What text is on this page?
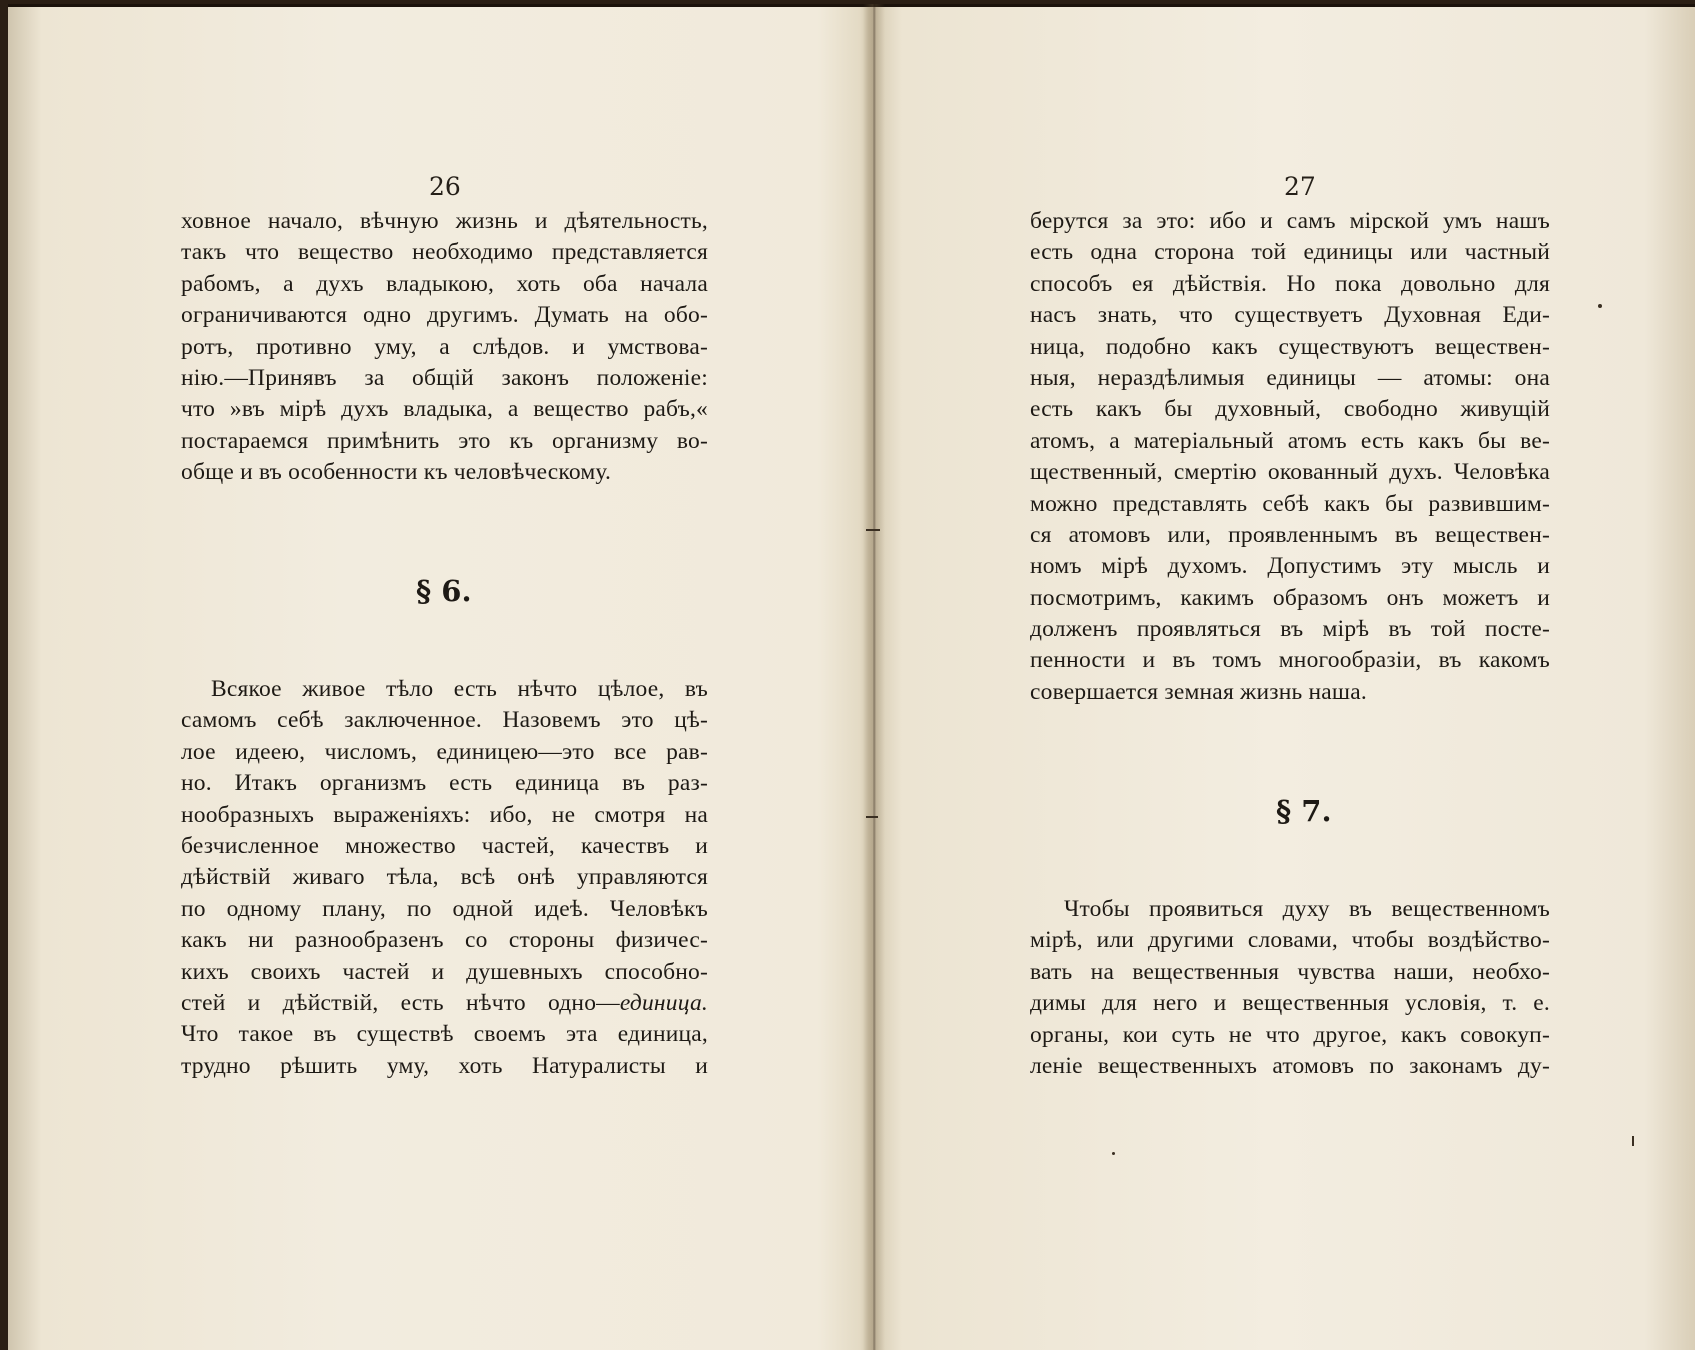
26
ховное начало, вѣчную жизнь и дѣятельность,
такъ что вещество необходимо представляется
рабомъ, а духъ владыкою, хоть оба начала
ограничиваются одно другимъ. Думать на обо-
ротъ, противно уму, а слѣдов. и умствова-
нію.—Принявъ за общій законъ положеніе:
что »въ мірѣ духъ владыка, а вещество рабъ,«
постараемся примѣнить это къ организму во-
обще и въ особенности къ человѣческому.
§ 6.
Всякое живое тѣло есть нѣчто цѣлое, въ
самомъ себѣ заключенное. Назовемъ это цѣ-
лое идеею, числомъ, единицею—это все рав-
но. Итакъ организмъ есть единица въ раз-
нообразныхъ выраженіяхъ: ибо, не смотря на
безчисленное множество частей, качествъ и
дѣйствій живаго тѣла, всѣ онѣ управляются
по одному плану, по одной идеѣ. Человѣкъ
какъ ни разнообразенъ со стороны физичес-
кихъ своихъ частей и душевныхъ способно-
стей и дѣйствій, есть нѣчто одно—единица.
Что такое въ существѣ своемъ эта единица,
трудно рѣшить уму, хоть Натуралисты и
27
берутся за это: ибо и самъ мірской умъ нашъ
есть одна сторона той единицы или частный
способъ ея дѣйствія. Но пока довольно для
насъ знать, что существуетъ Духовная Еди-
ница, подобно какъ существуютъ веществен-
ныя, нераздѣлимыя единицы — атомы: она
есть какъ бы духовный, свободно живущій
атомъ, а матеріальный атомъ есть какъ бы ве-
щественный, смертію окованный духъ. Человѣка
можно представлять себѣ какъ бы развившим-
ся атомовъ или, проявленнымъ въ веществен-
номъ мірѣ духомъ. Допустимъ эту мысль и
посмотримъ, какимъ образомъ онъ можетъ и
долженъ проявляться въ мірѣ въ той посте-
пенности и въ томъ многообразіи, въ какомъ
совершается земная жизнь наша.
§ 7.
Чтобы проявиться духу въ вещественномъ
мірѣ, или другими словами, чтобы воздѣйство-
вать на вещественныя чувства наши, необхо-
димы для него и вещественныя условія, т. е.
органы, кои суть не что другое, какъ совокуп-
леніе вещественныхъ атомовъ по законамъ ду-
